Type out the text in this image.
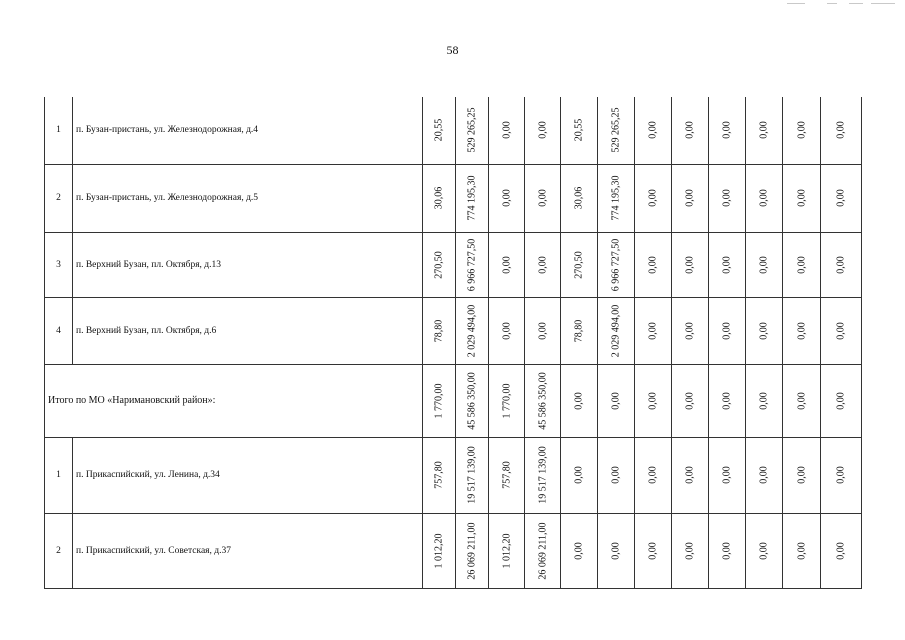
58
1	п. Бузан-пристань, ул. Железнодорожная, д.4	20,55	529 265,25	0,00	0,00	20,55	529 265,25	0,00	0,00	0,00	0,00	0,00	0,00

2	п. Бузан-пристань, ул. Железнодорожная, д.5	30,06	774 195,30	0,00	0,00	30,06	774 195,30	0,00	0,00	0,00	0,00	0,00	0,00

3	п. Верхний Бузан, пл. Октября, д.13	270,50	6 966 727,50	0,00	0,00	270,50	6 966 727,50	0,00	0,00	0,00	0,00	0,00	0,00

4	п. Верхний Бузан, пл. Октября, д.6	78,80	2 029 494,00	0,00	0,00	78,80	2 029 494,00	0,00	0,00	0,00	0,00	0,00	0,00

Итого по МО «Наримановский район»:		1 770,00	45 586 350,00	1 770,00	45 586 350,00	0,00	0,00	0,00	0,00	0,00	0,00	0,00	0,00

1	п. Прикаспийский, ул. Ленина, д.34	757,80	19 517 139,00	757,80	19 517 139,00	0,00	0,00	0,00	0,00	0,00	0,00	0,00	0,00

2	п. Прикаспийский, ул. Советская, д.37	1 012,20	26 069 211,00	1 012,20	26 069 211,00	0,00	0,00	0,00	0,00	0,00	0,00	0,00	0,00
